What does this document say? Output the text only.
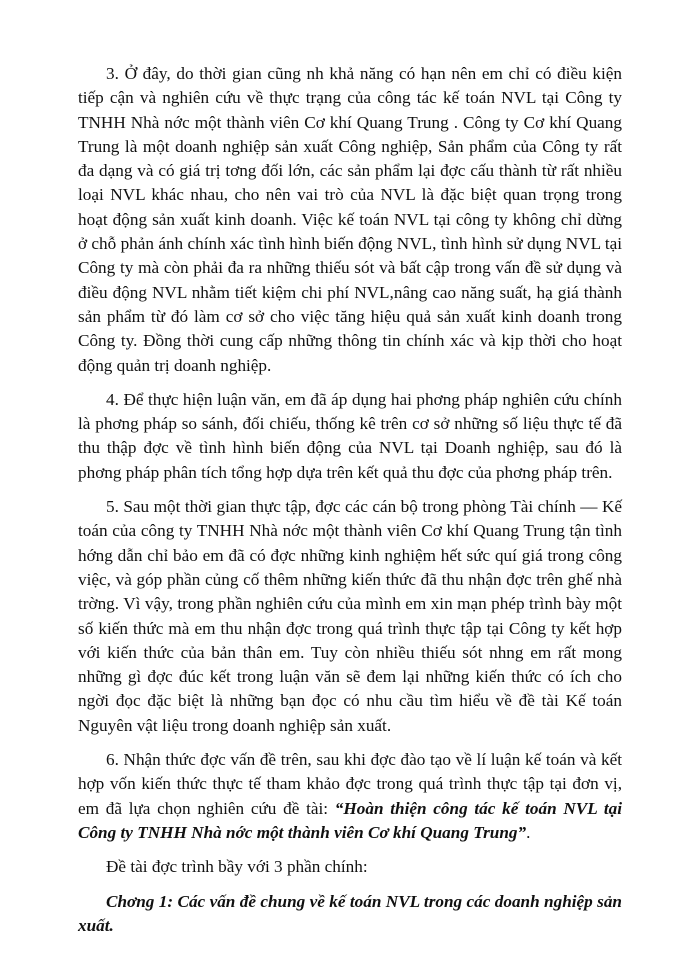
3. Ở đây, do thời gian cũng nh khả năng có hạn nên em chỉ có điều kiện tiếp cận và nghiên cứu về thực trạng của công tác kế toán NVL tại Công ty TNHH Nhà nớc một thành viên Cơ khí Quang Trung . Công ty Cơ khí Quang Trung là một doanh nghiệp sản xuất Công nghiệp, Sản phẩm của Công ty rất đa dạng và có giá trị tơng đối lớn, các sản phẩm lại đợc cấu thành từ rất nhiều loại NVL khác nhau, cho nên vai trò của NVL là đặc biệt quan trọng trong hoạt động sản xuất kinh doanh. Việc kế toán NVL tại công ty không chỉ dừng ở chỗ phản ánh chính xác tình hình biến động NVL, tình hình sử dụng NVL tại Công ty mà còn phải đa ra những thiếu sót và bất cập trong vấn đề sử dụng và điều động NVL nhằm tiết kiệm chi phí NVL,nâng cao năng suất, hạ giá thành sản phẩm từ đó làm cơ sở cho việc tăng hiệu quả sản xuất kinh doanh trong Công ty. Đồng thời cung cấp những thông tin chính xác và kịp thời cho hoạt động quản trị doanh nghiệp.

4. Để thực hiện luận văn, em đã áp dụng hai phơng pháp nghiên cứu chính là phơng pháp so sánh, đối chiếu, thống kê trên cơ sở những số liệu thực tế đã thu thập đợc về tình hình biến động của NVL tại Doanh nghiệp, sau đó là phơng pháp phân tích tổng hợp dựa trên kết quả thu đợc của phơng pháp trên.

5. Sau một thời gian thực tập, đợc các cán bộ trong phòng Tài chính — Kế toán của công ty TNHH Nhà nớc một thành viên Cơ khí Quang Trung tận tình hớng dẫn chỉ bảo em đã có đợc những kinh nghiệm hết sức quí giá trong công việc, và góp phần củng cố thêm những kiến thức đã thu nhận đợc trên ghế nhà trờng. Vì vậy, trong phần nghiên cứu của mình em xin mạn phép trình bày một số kiến thức mà em thu nhận đợc trong quá trình thực tập tại Công ty kết hợp với kiến thức của bản thân em. Tuy còn nhiều thiếu sót nhng em rất mong những gì đợc đúc kết trong luận văn sẽ đem lại những kiến thức có ích cho ngời đọc đặc biệt là những bạn đọc có nhu cầu tìm hiểu về đề tài Kế toán Nguyên vật liệu trong doanh nghiệp sản xuất.

6. Nhận thức đợc vấn đề trên, sau khi đợc đào tạo về lí luận kế toán và kết hợp vốn kiến thức thực tế tham khảo đợc trong quá trình thực tập tại đơn vị, em đã lựa chọn nghiên cứu đề tài: “Hoàn thiện công tác kế toán NVL tại Công ty TNHH Nhà nớc một thành viên Cơ khí Quang Trung”.

Đề tài đợc trình bầy với 3 phần chính:

Chơng 1: Các vấn đề chung về kế toán NVL trong các doanh nghiệp sản xuất.
